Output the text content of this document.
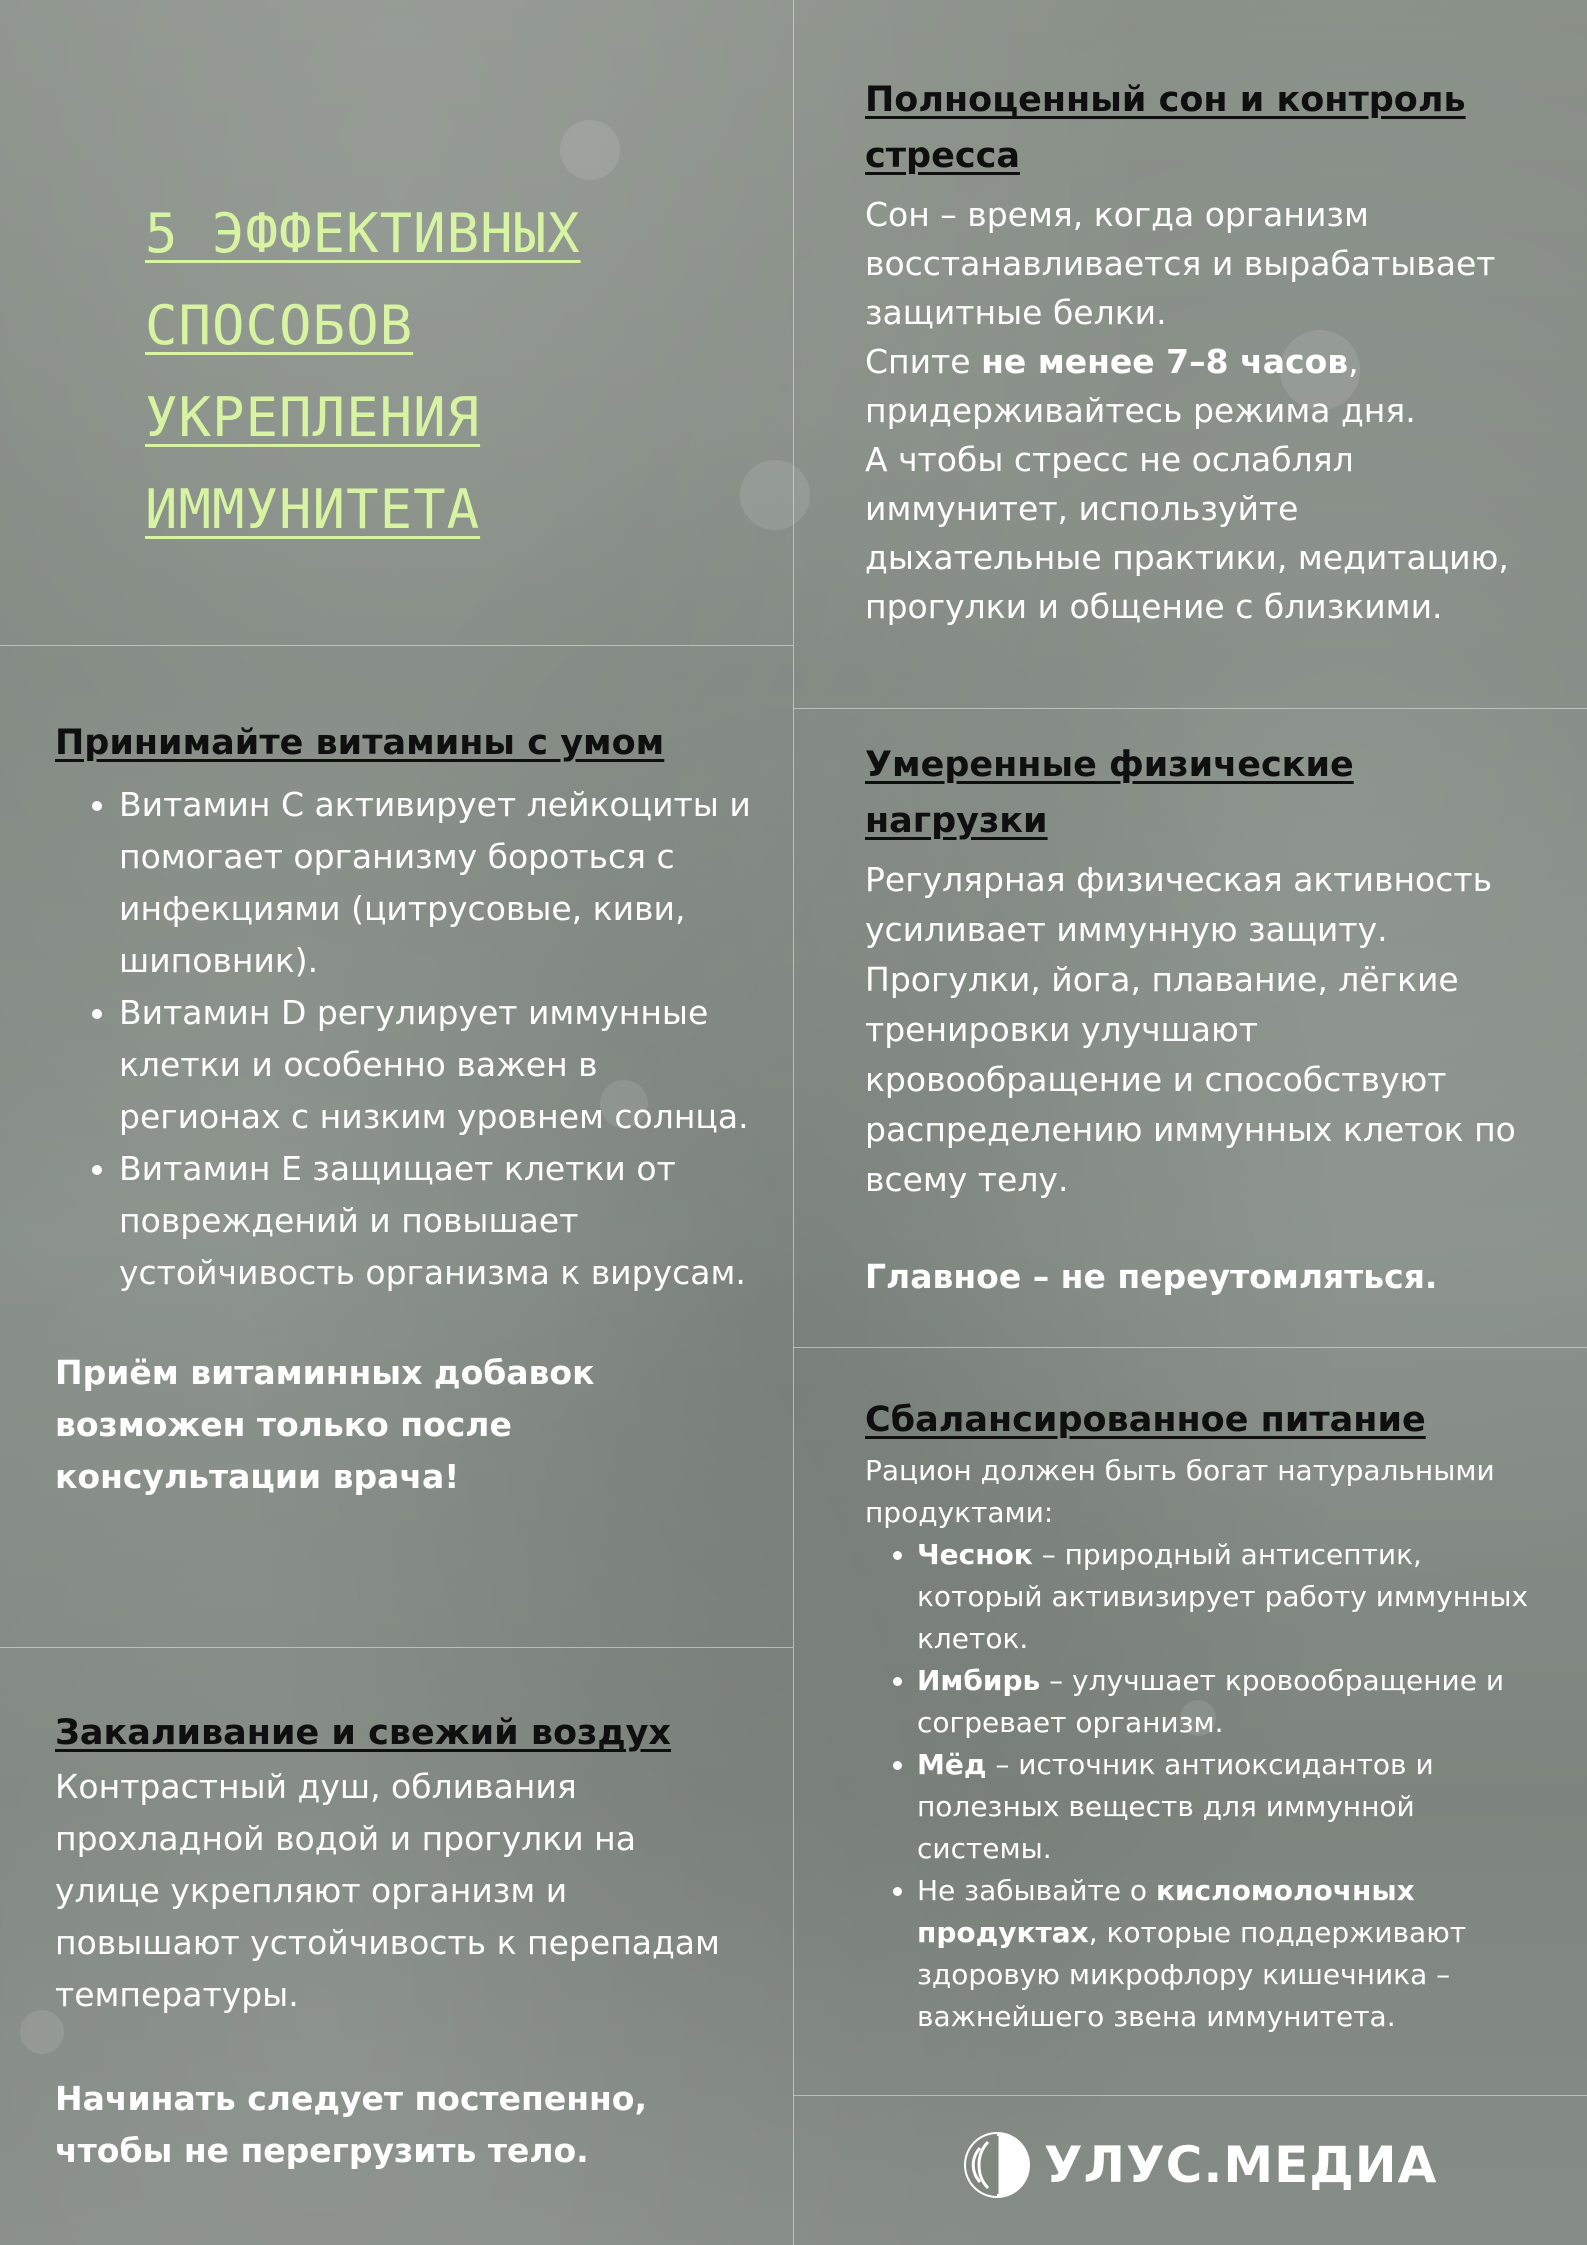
5 ЭФФЕКТИВНЫХ
СПОСОБОВ
УКРЕПЛЕНИЯ
ИММУНИТЕТА
Принимайте витамины с умом
• Витамин С активирует лейкоциты и помогает организму бороться с инфекциями (цитрусовые, киви, шиповник).
• Витамин D регулирует иммунные клетки и особенно важен в регионах с низким уровнем солнца.
• Витамин Е защищает клетки от повреждений и повышает устойчивость организма к вирусам.
Приём витаминных добавок возможен только после консультации врача!
Закаливание и свежий воздух
Контрастный душ, обливания прохладной водой и прогулки на улице укрепляют организм и повышают устойчивость к перепадам температуры.
Начинать следует постепенно, чтобы не перегрузить тело.
Полноценный сон и контроль стресса
Сон – время, когда организм восстанавливается и вырабатывает защитные белки.
Спите не менее 7–8 часов, придерживайтесь режима дня.
А чтобы стресс не ослаблял иммунитет, используйте дыхательные практики, медитацию, прогулки и общение с близкими.
Умеренные физические нагрузки
Регулярная физическая активность усиливает иммунную защиту. Прогулки, йога, плавание, лёгкие тренировки улучшают кровообращение и способствуют распределению иммунных клеток по всему телу.
Главное – не переутомляться.
Сбалансированное питание
Рацион должен быть богат натуральными продуктами:
• Чеснок – природный антисептик, который активизирует работу иммунных клеток.
• Имбирь – улучшает кровообращение и согревает организм.
• Мёд – источник антиоксидантов и полезных веществ для иммунной системы.
• Не забывайте о кисломолочных продуктах, которые поддерживают здоровую микрофлору кишечника – важнейшего звена иммунитета.
УЛУС.МЕДИА
